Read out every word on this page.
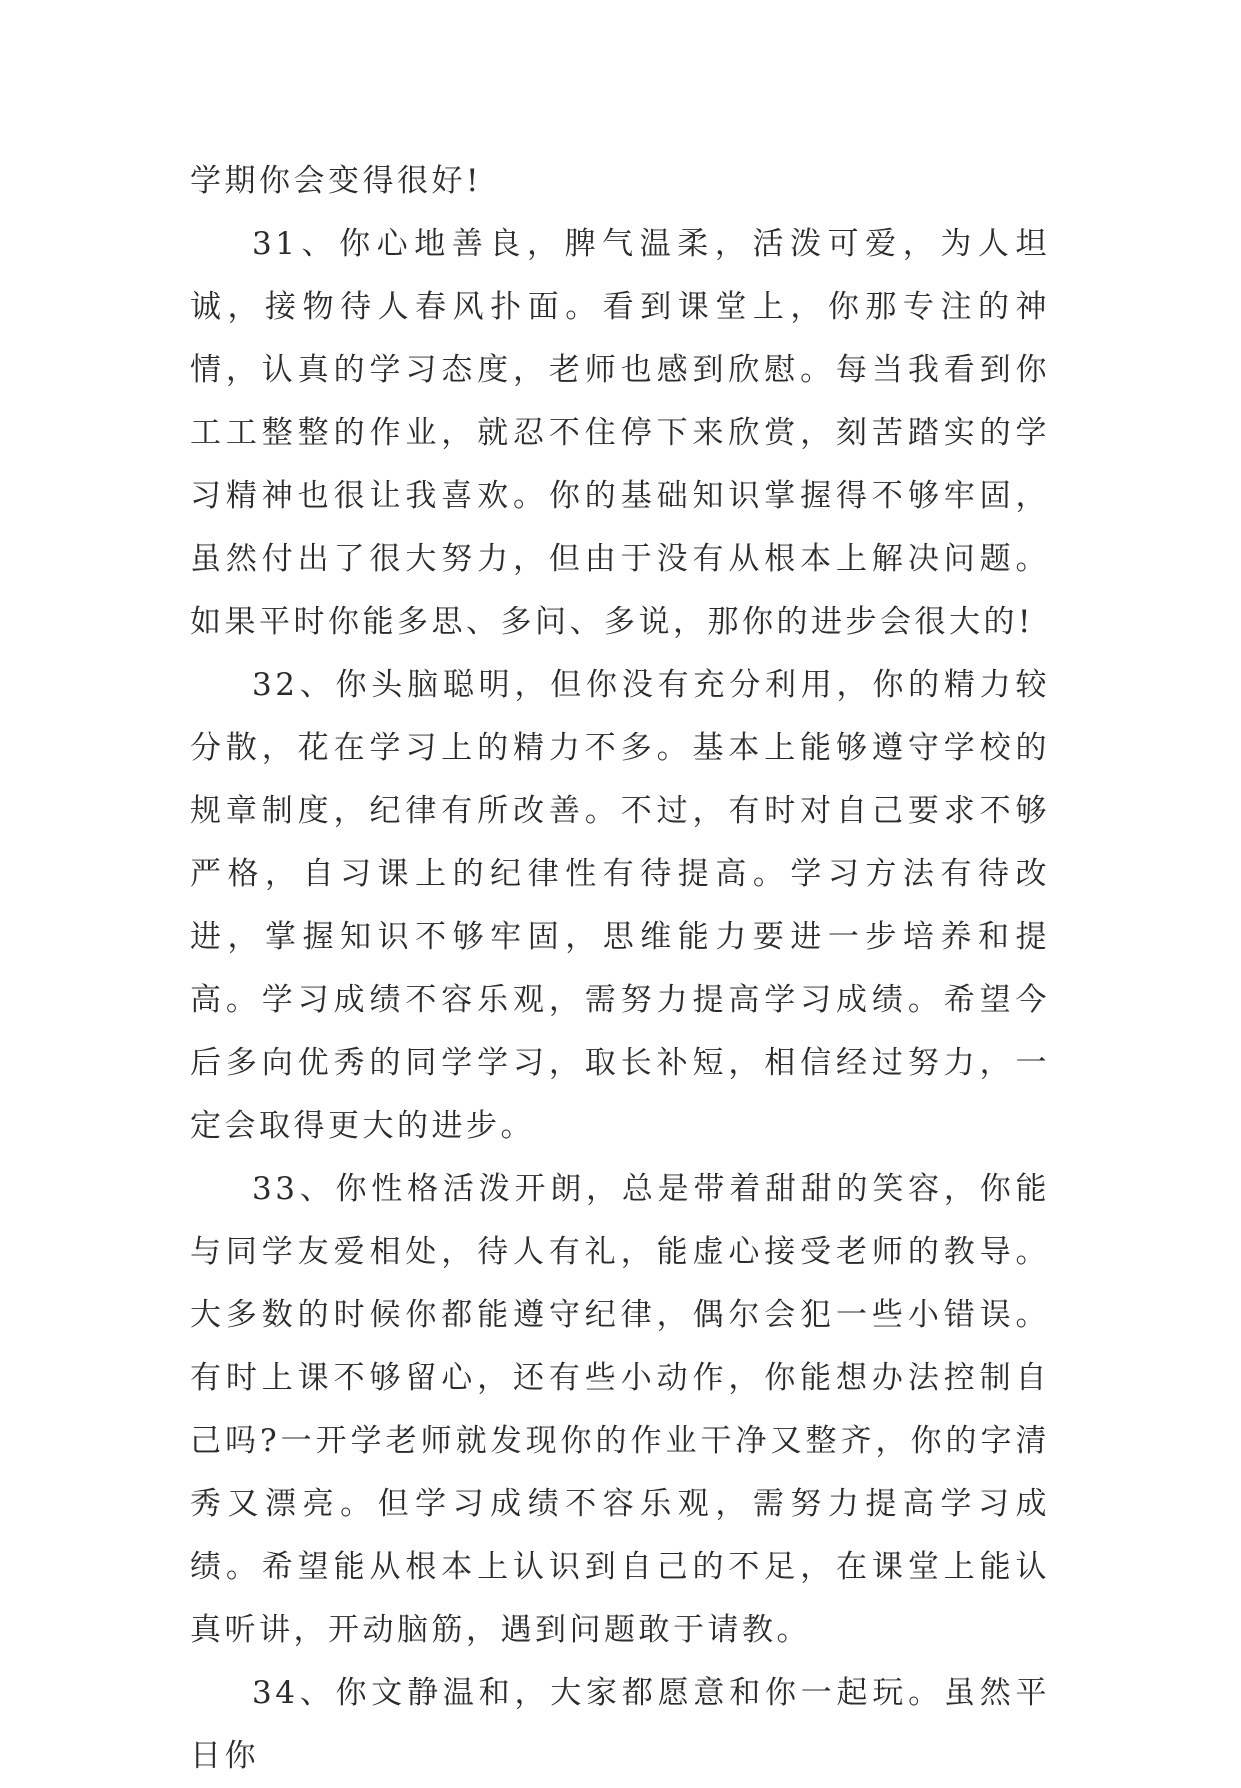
学期你会变得很好!

31、你心地善良，脾气温柔，活泼可爱，为人坦诚，接物待人春风扑面。看到课堂上，你那专注的神情，认真的学习态度，老师也感到欣慰。每当我看到你工工整整的作业，就忍不住停下来欣赏，刻苦踏实的学习精神也很让我喜欢。你的基础知识掌握得不够牢固，虽然付出了很大努力，但由于没有从根本上解决问题。如果平时你能多思、多问、多说，那你的进步会很大的!

32、你头脑聪明，但你没有充分利用，你的精力较分散，花在学习上的精力不多。基本上能够遵守学校的规章制度，纪律有所改善。不过，有时对自己要求不够严格，自习课上的纪律性有待提高。学习方法有待改进，掌握知识不够牢固，思维能力要进一步培养和提高。学习成绩不容乐观，需努力提高学习成绩。希望今后多向优秀的同学学习，取长补短，相信经过努力，一定会取得更大的进步。

33、你性格活泼开朗，总是带着甜甜的笑容，你能与同学友爱相处，待人有礼，能虚心接受老师的教导。大多数的时候你都能遵守纪律，偶尔会犯一些小错误。有时上课不够留心，还有些小动作，你能想办法控制自己吗?一开学老师就发现你的作业干净又整齐，你的字清秀又漂亮。但学习成绩不容乐观，需努力提高学习成绩。希望能从根本上认识到自己的不足，在课堂上能认真听讲，开动脑筋，遇到问题敢于请教。

34、你文静温和，大家都愿意和你一起玩。虽然平日你
